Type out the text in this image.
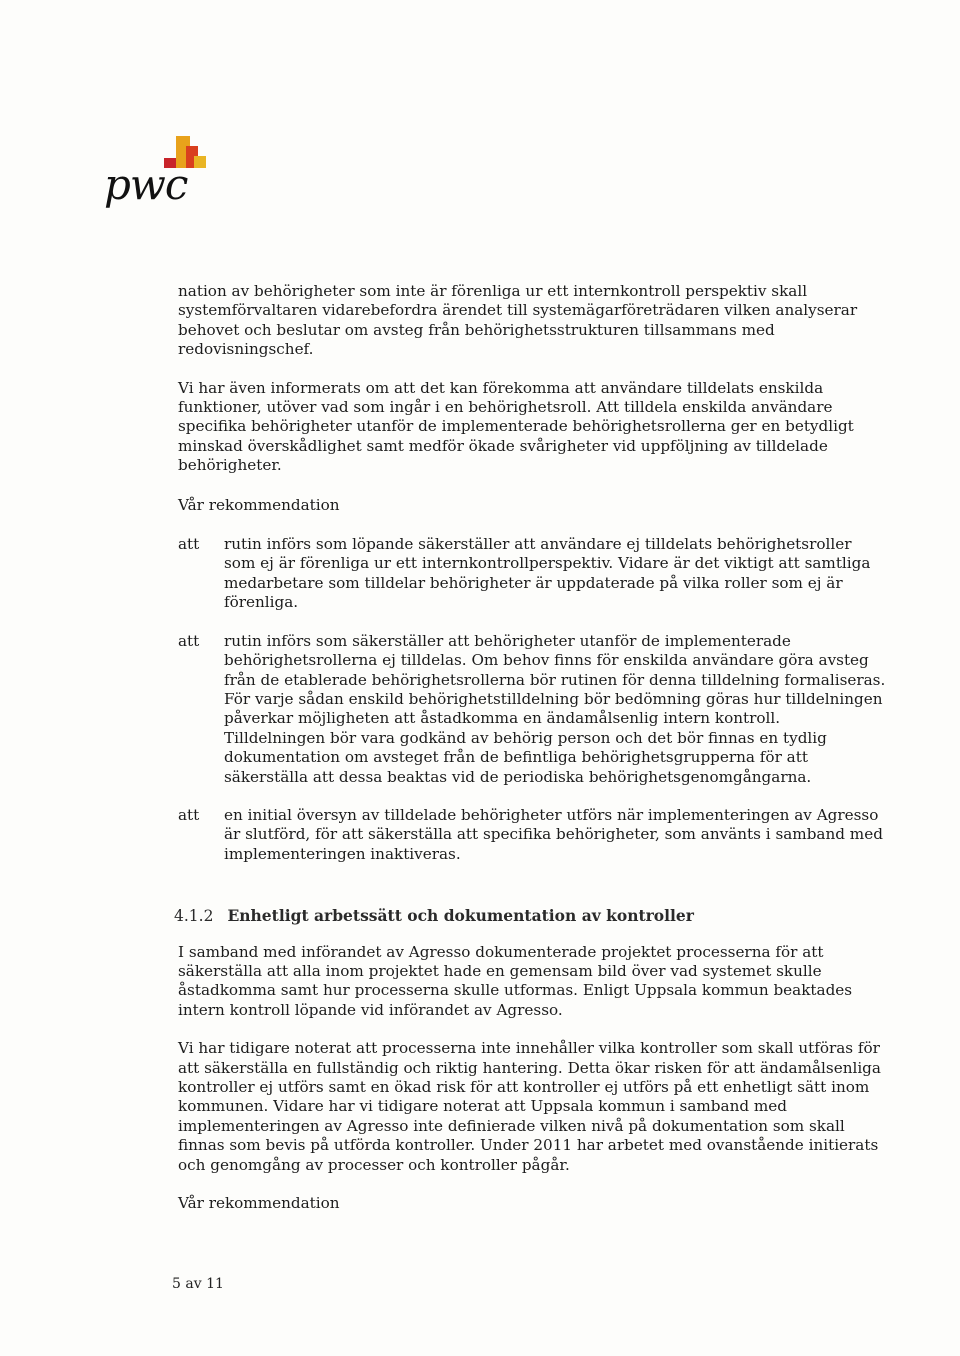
pwc

nation av behörigheter som inte är förenliga ur ett internkontroll perspektiv skall systemförvaltaren vidarebefordra ärendet till systemägarföreträdaren vilken analyserar behovet och beslutar om avsteg från behörighetsstrukturen tillsammans med redovisningschef.

Vi har även informerats om att det kan förekomma att användare tilldelats enskilda funktioner, utöver vad som ingår i en behörighetsroll. Att tilldela enskilda användare specifika behörigheter utanför de implementerade behörighetsrollerna ger en betydligt minskad överskådlighet samt medför ökade svårigheter vid uppföljning av tilldelade behörigheter.

Vår rekommendation
att	rutin införs som löpande säkerställer att användare ej tilldelats behörighetsroller som ej är förenliga ur ett internkontrollperspektiv. Vidare är det viktigt att samtliga medarbetare som tilldelar behörigheter är uppdaterade på vilka roller som ej är förenliga.
att	rutin införs som säkerställer att behörigheter utanför de implementerade behörighetsrollerna ej tilldelas. Om behov finns för enskilda användare göra avsteg från de etablerade behörighetsrollerna bör rutinen för denna tilldelning formaliseras. För varje sådan enskild behörighetstilldelning bör bedömning göras hur tilldelningen påverkar möjligheten att åstadkomma en ändamålsenlig intern kontroll. Tilldelningen bör vara godkänd av behörig person och det bör finnas en tydlig dokumentation om avsteget från de befintliga behörighetsgrupperna för att säkerställa att dessa beaktas vid de periodiska behörighetsgenomgångarna.
att	en initial översyn av tilldelade behörigheter utförs när implementeringen av Agresso är slutförd, för att säkerställa att specifika behörigheter, som använts i samband med implementeringen inaktiveras.
4.1.2 Enhetligt arbetssätt och dokumentation av kontroller

I samband med införandet av Agresso dokumenterade projektet processerna för att säkerställa att alla inom projektet hade en gemensam bild över vad systemet skulle åstadkomma samt hur processerna skulle utformas. Enligt Uppsala kommun beaktades intern kontroll löpande vid införandet av Agresso.

Vi har tidigare noterat att processerna inte innehåller vilka kontroller som skall utföras för att säkerställa en fullständig och riktig hantering. Detta ökar risken för att ändamålsenliga kontroller ej utförs samt en ökad risk för att kontroller ej utförs på ett enhetligt sätt inom kommunen. Vidare har vi tidigare noterat att Uppsala kommun i samband med implementeringen av Agresso inte definierade vilken nivå på dokumentation som skall finnas som bevis på utförda kontroller. Under 2011 har arbetet med ovanstående initierats och genomgång av processer och kontroller pågår.

Vår rekommendation
5 av 11
